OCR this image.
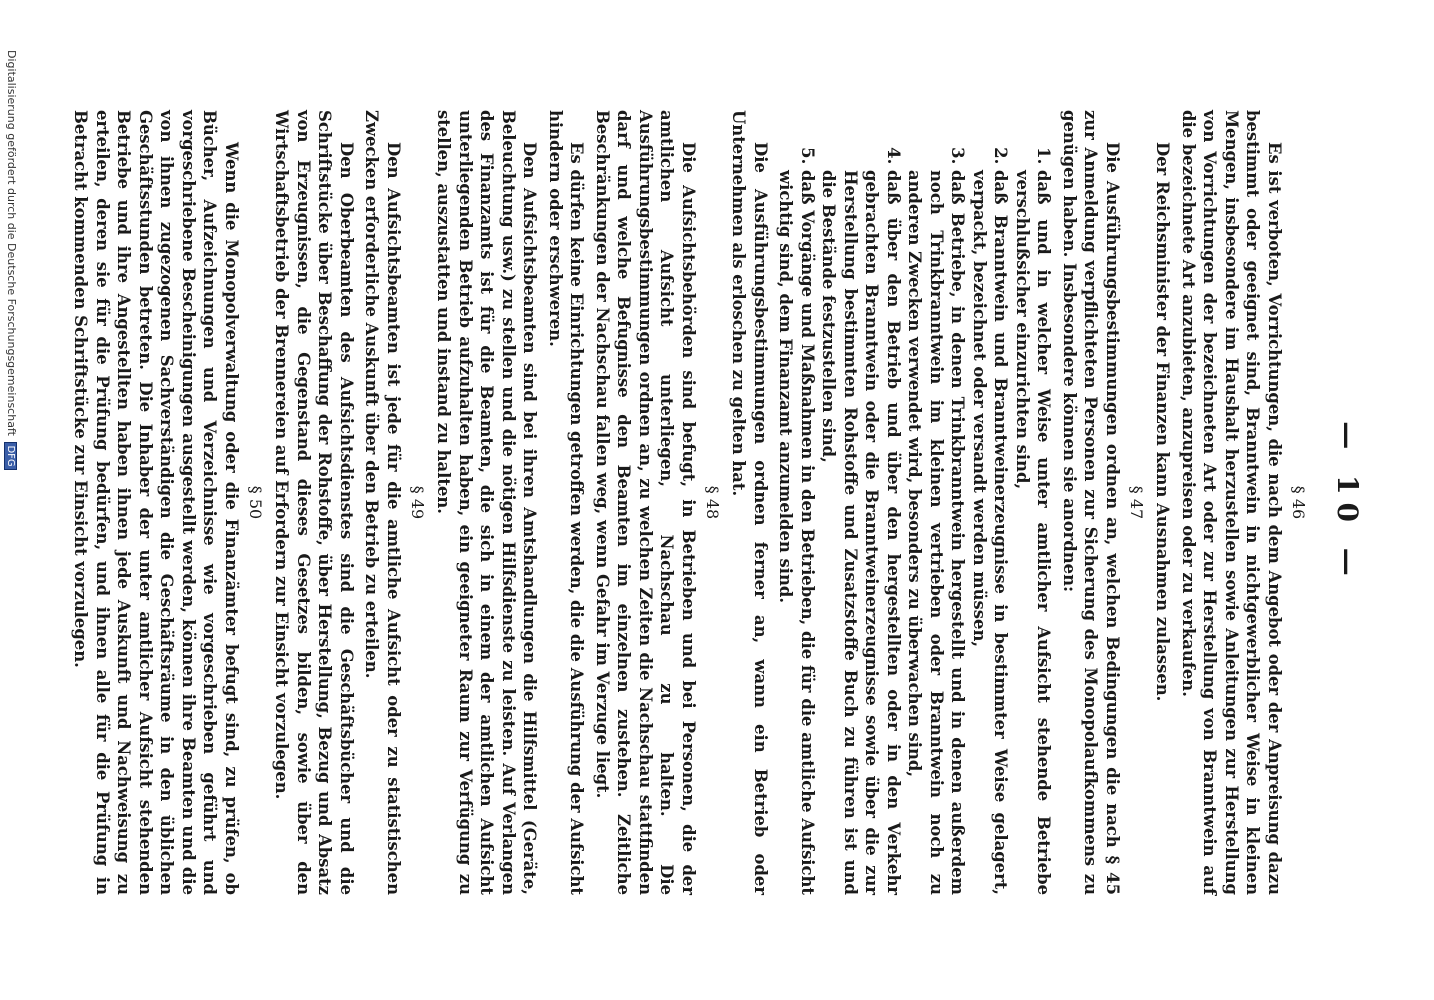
— 10 —
§ 46

Es ist verboten, Vorrichtungen, die nach dem Angebot oder der Anpreisung dazu bestimmt oder geeignet sind, Branntwein in nichtgewerblicher Weise in kleinen Mengen, insbesondere im Haushalt herzustellen sowie Anleitungen zur Herstellung von Vorrichtungen der bezeichneten Art oder zur Herstellung von Branntwein auf die bezeichnete Art anzubieten, anzupreisen oder zu verkaufen.

Der Reichsminister der Finanzen kann Ausnahmen zulassen.

§ 47

Die Ausführungsbestimmungen ordnen an, welchen Bedingungen die nach § 45 zur Anmeldung verpflichteten Personen zur Sicherung des Monopolaufkommens zu genügen haben. Insbesondere können sie anordnen:

1. daß und in welcher Weise unter amtlicher Aufsicht stehende Betriebe verschlußsicher einzurichten sind,
2. daß Branntwein und Branntweinerzeugnisse in bestimmter Weise gelagert, verpackt, bezeichnet oder versandt werden müssen,
3. daß Betriebe, in denen Trinkbranntwein hergestellt und in denen außerdem noch Trinkbranntwein im kleinen vertrieben oder Branntwein noch zu anderen Zwecken verwendet wird, besonders zu überwachen sind,
4. daß über den Betrieb und über den hergestellten oder in den Verkehr gebrachten Branntwein oder die Branntweinerzeugnisse sowie über die zur Herstellung bestimmten Rohstoffe und Zusatzstoffe Buch zu führen ist und die Bestände festzustellen sind,
5. daß Vorgänge und Maßnahmen in den Betrieben, die für die amtliche Aufsicht wichtig sind, dem Finanzamt anzumelden sind.

Die Ausführungsbestimmungen ordnen ferner an, wann ein Betrieb oder Unternehmen als erloschen zu gelten hat.

§ 48

Die Aufsichtsbehörden sind befugt, in Betrieben und bei Personen, die der amtlichen Aufsicht unterliegen, Nachschau zu halten. Die Ausführungsbestimmungen ordnen an, zu welchen Zeiten die Nachschau stattfinden darf und welche Befugnisse den Beamten im einzelnen zustehen. Zeitliche Beschränkungen der Nachschau fallen weg, wenn Gefahr im Verzuge liegt.

Es dürfen keine Einrichtungen getroffen werden, die die Ausführung der Aufsicht hindern oder erschweren.

Den Aufsichtsbeamten sind bei ihren Amtshandlungen die Hilfsmittel (Geräte, Beleuchtung usw.) zu stellen und die nötigen Hilfsdienste zu leisten. Auf Verlangen des Finanzamts ist für die Beamten, die sich in einem der amtlichen Aufsicht unterliegenden Betrieb aufzuhalten haben, ein geeigneter Raum zur Verfügung zu stellen, auszustatten und instand zu halten.

§ 49

Den Aufsichtsbeamten ist jede für die amtliche Aufsicht oder zu statistischen Zwecken erforderliche Auskunft über den Betrieb zu erteilen.

Den Oberbeamten des Aufsichtsdienstes sind die Geschäftsbücher und die Schriftstücke über Beschaffung der Rohstoffe, über Herstellung, Bezug und Absatz von Erzeugnissen, die Gegenstand dieses Gesetzes bilden, sowie über den Wirtschaftsbetrieb der Brennereien auf Erfordern zur Einsicht vorzulegen.

§ 50

Wenn die Monopolverwaltung oder die Finanzämter befugt sind, zu prüfen, ob Bücher, Aufzeichnungen und Verzeichnisse wie vorgeschrieben geführt und vorgeschriebene Bescheinigungen ausgestellt werden, können ihre Beamten und die von ihnen zugezogenen Sachverständigen die Geschäftsräume in den üblichen Geschäftsstunden betreten. Die Inhaber der unter amtlicher Aufsicht stehenden Betriebe und ihre Angestellten haben ihnen jede Auskunft und Nachweisung zu erteilen, deren sie für die Prüfung bedürfen, und ihnen alle für die Prüfung in Betracht kommenden Schriftstücke zur Einsicht vorzulegen.

Digitalisierung gefördert durch die Deutsche Forschungsgemeinschaft DFG
